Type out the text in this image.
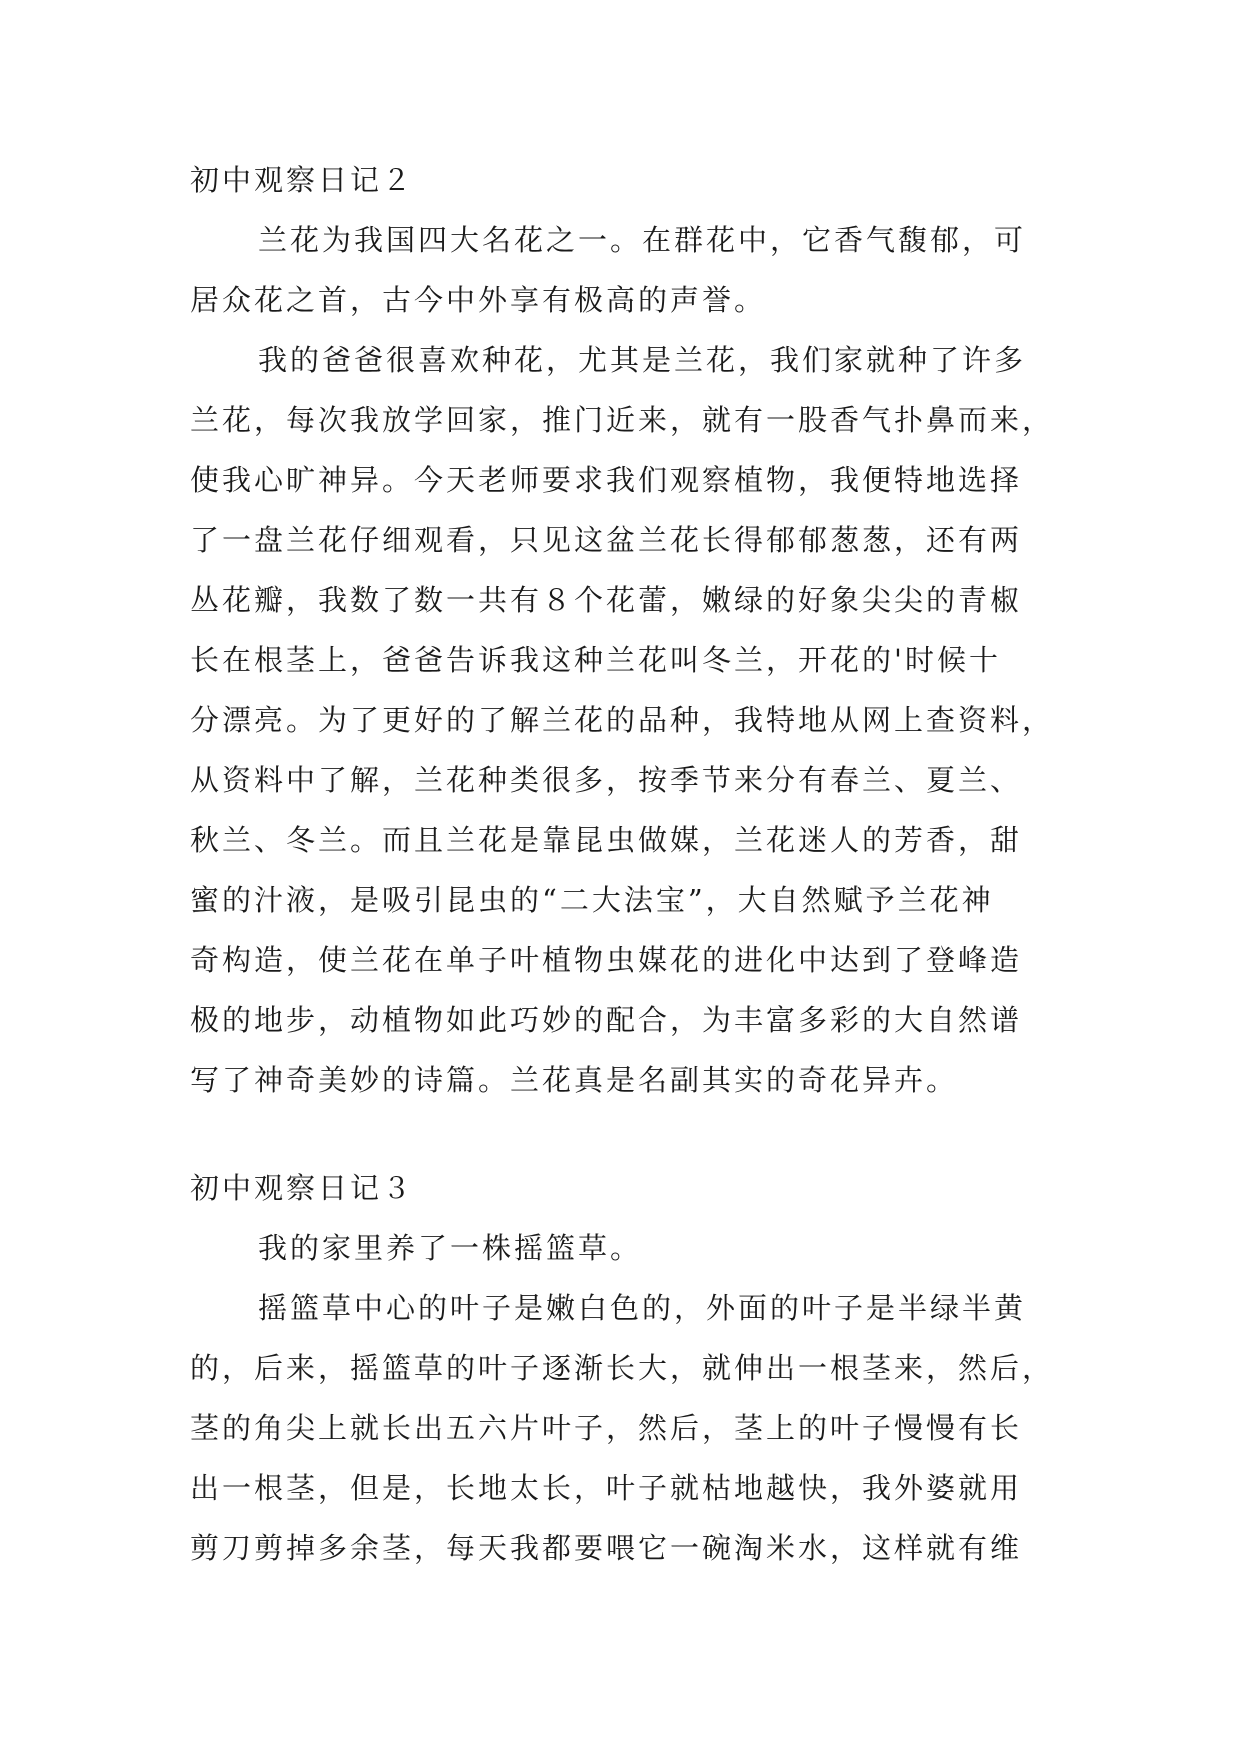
初中观察日记２
兰花为我国四大名花之一。在群花中，它香气馥郁，可
居众花之首，古今中外享有极高的声誉。
我的爸爸很喜欢种花，尤其是兰花，我们家就种了许多
兰花，每次我放学回家，推门近来，就有一股香气扑鼻而来，
使我心旷神异。今天老师要求我们观察植物，我便特地选择
了一盘兰花仔细观看，只见这盆兰花长得郁郁葱葱，还有两
丛花瓣，我数了数一共有８个花蕾，嫩绿的好象尖尖的青椒
长在根茎上，爸爸告诉我这种兰花叫冬兰，开花的'时候十
分漂亮。为了更好的了解兰花的品种，我特地从网上查资料，
从资料中了解，兰花种类很多，按季节来分有春兰、夏兰、
秋兰、冬兰。而且兰花是靠昆虫做媒，兰花迷人的芳香，甜
蜜的汁液，是吸引昆虫的“二大法宝”，大自然赋予兰花神
奇构造，使兰花在单子叶植物虫媒花的进化中达到了登峰造
极的地步，动植物如此巧妙的配合，为丰富多彩的大自然谱
写了神奇美妙的诗篇。兰花真是名副其实的奇花异卉。
初中观察日记３
我的家里养了一株摇篮草。
摇篮草中心的叶子是嫩白色的，外面的叶子是半绿半黄
的，后来，摇篮草的叶子逐渐长大，就伸出一根茎来，然后，
茎的角尖上就长出五六片叶子，然后，茎上的叶子慢慢有长
出一根茎，但是，长地太长，叶子就枯地越快，我外婆就用
剪刀剪掉多余茎，每天我都要喂它一碗淘米水，这样就有维
